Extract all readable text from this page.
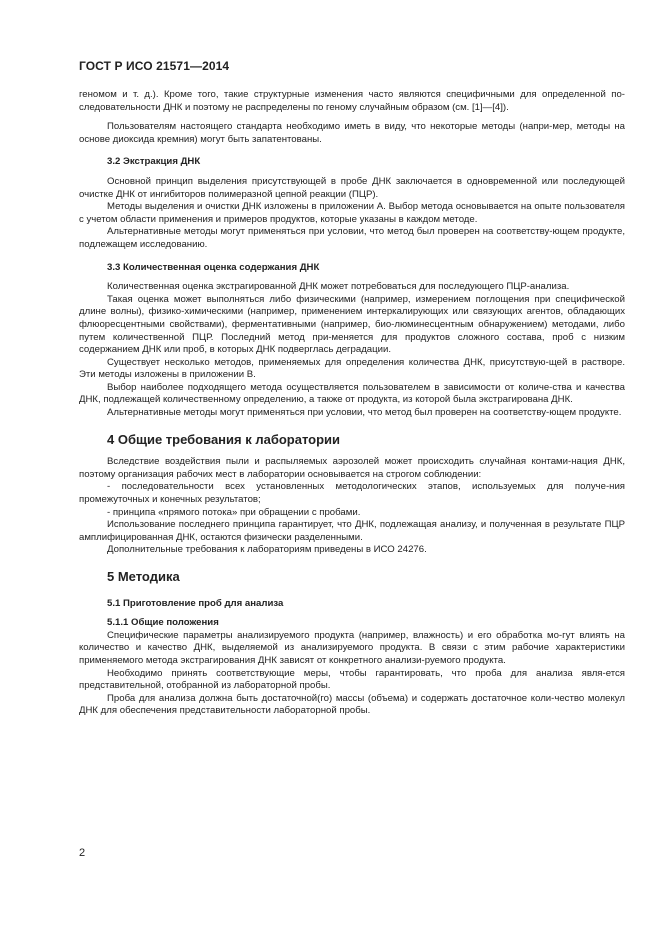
ГОСТ Р ИСО 21571—2014

геномом и т. д.). Кроме того, такие структурные изменения часто являются специфичными для определенной по-следовательности ДНК и поэтому не распределены по геному случайным образом (см. [1]—[4]).

Пользователям настоящего стандарта необходимо иметь в виду, что некоторые методы (напри-мер, методы на основе диоксида кремния) могут быть запатентованы.

3.2 Экстракция ДНК

Основной принцип выделения присутствующей в пробе ДНК заключается в одновременной или последующей очистке ДНК от ингибиторов полимеразной цепной реакции (ПЦР).

Методы выделения и очистки ДНК изложены в приложении А. Выбор метода основывается на опыте пользователя с учетом области применения и примеров продуктов, которые указаны в каждом методе.

Альтернативные методы могут применяться при условии, что метод был проверен на соответству-ющем продукте, подлежащем исследованию.

3.3 Количественная оценка содержания ДНК

Количественная оценка экстрагированной ДНК может потребоваться для последующего ПЦР-анализа.

Такая оценка может выполняться либо физическими (например, измерением поглощения при специфической длине волны), физико-химическими (например, применением интеркалирующих или связующих агентов, обладающих флюоресцентными свойствами), ферментативными (например, био-люминесцентным обнаружением) методами, либо путем количественной ПЦР. Последний метод при-меняется для продуктов сложного состава, проб с низким содержанием ДНК или проб, в которых ДНК подверглась деградации.

Существует несколько методов, применяемых для определения количества ДНК, присутствую-щей в растворе. Эти методы изложены в приложении В.

Выбор наиболее подходящего метода осуществляется пользователем в зависимости от количе-ства и качества ДНК, подлежащей количественному определению, а также от продукта, из которой была экстрагирована ДНК.

Альтернативные методы могут применяться при условии, что метод был проверен на соответству-ющем продукте.

4 Общие требования к лаборатории

Вследствие воздействия пыли и распыляемых аэрозолей может происходить случайная контами-нация ДНК, поэтому организация рабочих мест в лаборатории основывается на строгом соблюдении:

- последовательности всех установленных методологических этапов, используемых для получе-ния промежуточных и конечных результатов;

- принципа «прямого потока» при обращении с пробами.

Использование последнего принципа гарантирует, что ДНК, подлежащая анализу, и полученная в результате ПЦР амплифицированная ДНК, остаются физически разделенными.

Дополнительные требования к лабораториям приведены в ИСО 24276.

5 Методика

5.1 Приготовление проб для анализа

5.1.1 Общие положения

Специфические параметры анализируемого продукта (например, влажность) и его обработка мо-гут влиять на количество и качество ДНК, выделяемой из анализируемого продукта. В связи с этим рабочие характеристики применяемого метода экстрагирования ДНК зависят от конкретного анализи-руемого продукта.

Необходимо принять соответствующие меры, чтобы гарантировать, что проба для анализа явля-ется представительной, отобранной из лабораторной пробы.

Проба для анализа должна быть достаточной(го) массы (объема) и содержать достаточное коли-чество молекул ДНК для обеспечения представительности лабораторной пробы.

2
